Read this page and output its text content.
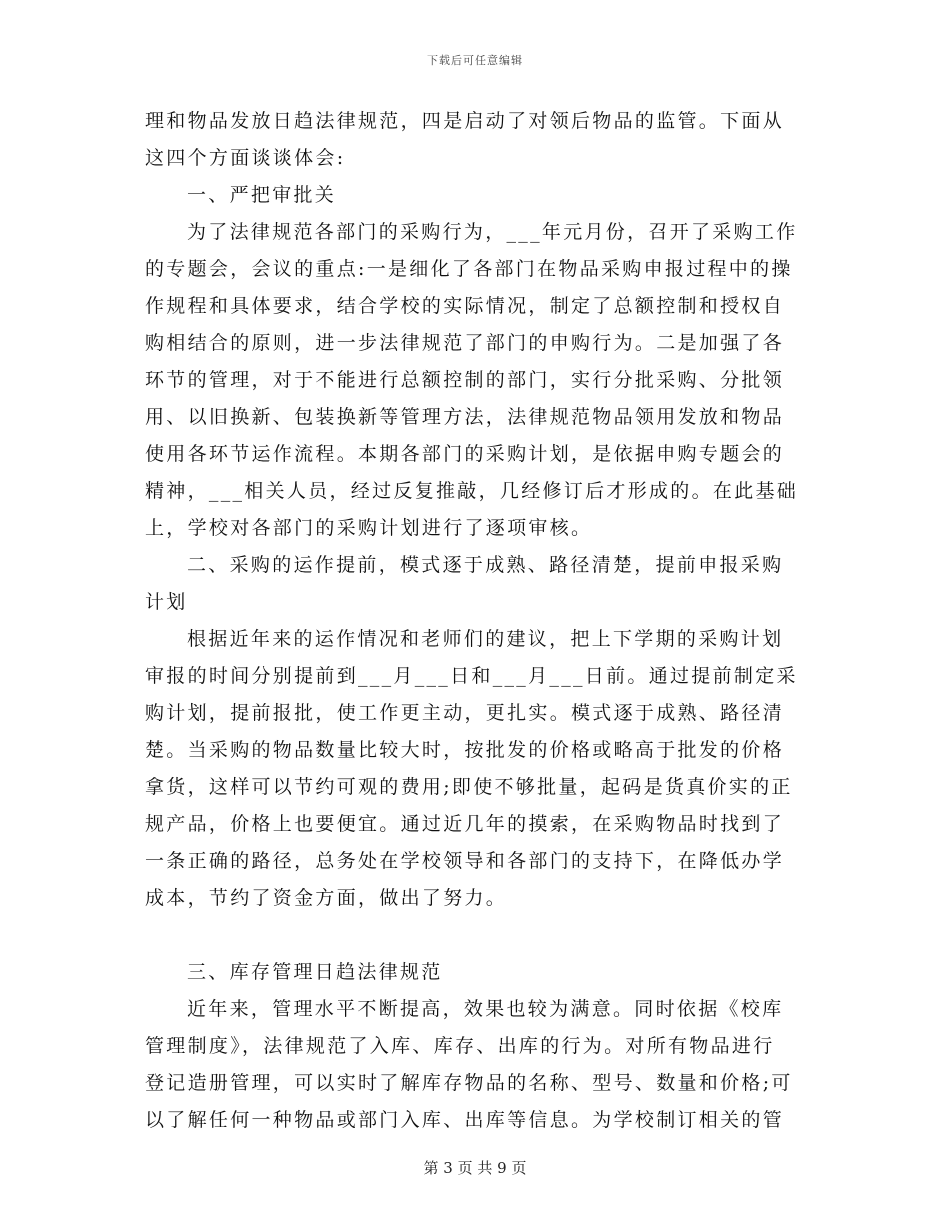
下载后可任意编辑
理和物品发放日趋法律规范，四是启动了对领后物品的监管。下面从
这四个方面谈谈体会:
一、严把审批关
为了法律规范各部门的采购行为，___年元月份，召开了采购工作
的专题会，会议的重点:一是细化了各部门在物品采购申报过程中的操
作规程和具体要求，结合学校的实际情况，制定了总额控制和授权自
购相结合的原则，进一步法律规范了部门的申购行为。二是加强了各
环节的管理，对于不能进行总额控制的部门，实行分批采购、分批领
用、以旧换新、包装换新等管理方法，法律规范物品领用发放和物品
使用各环节运作流程。本期各部门的采购计划，是依据申购专题会的
精神，___相关人员，经过反复推敲，几经修订后才形成的。在此基础
上，学校对各部门的采购计划进行了逐项审核。
二、采购的运作提前，模式逐于成熟、路径清楚，提前申报采购
计划
根据近年来的运作情况和老师们的建议，把上下学期的采购计划
审报的时间分别提前到___月___日和___月___日前。通过提前制定采
购计划，提前报批，使工作更主动，更扎实。模式逐于成熟、路径清
楚。当采购的物品数量比较大时，按批发的价格或略高于批发的价格
拿货，这样可以节约可观的费用;即使不够批量，起码是货真价实的正
规产品，价格上也要便宜。通过近几年的摸索，在采购物品时找到了
一条正确的路径，总务处在学校领导和各部门的支持下，在降低办学
成本，节约了资金方面，做出了努力。
三、库存管理日趋法律规范
近年来，管理水平不断提高，效果也较为满意。同时依据《校库
管理制度》，法律规范了入库、库存、出库的行为。对所有物品进行
登记造册管理，可以实时了解库存物品的名称、型号、数量和价格;可
以了解任何一种物品或部门入库、出库等信息。为学校制订相关的管
第 3 页 共 9 页
